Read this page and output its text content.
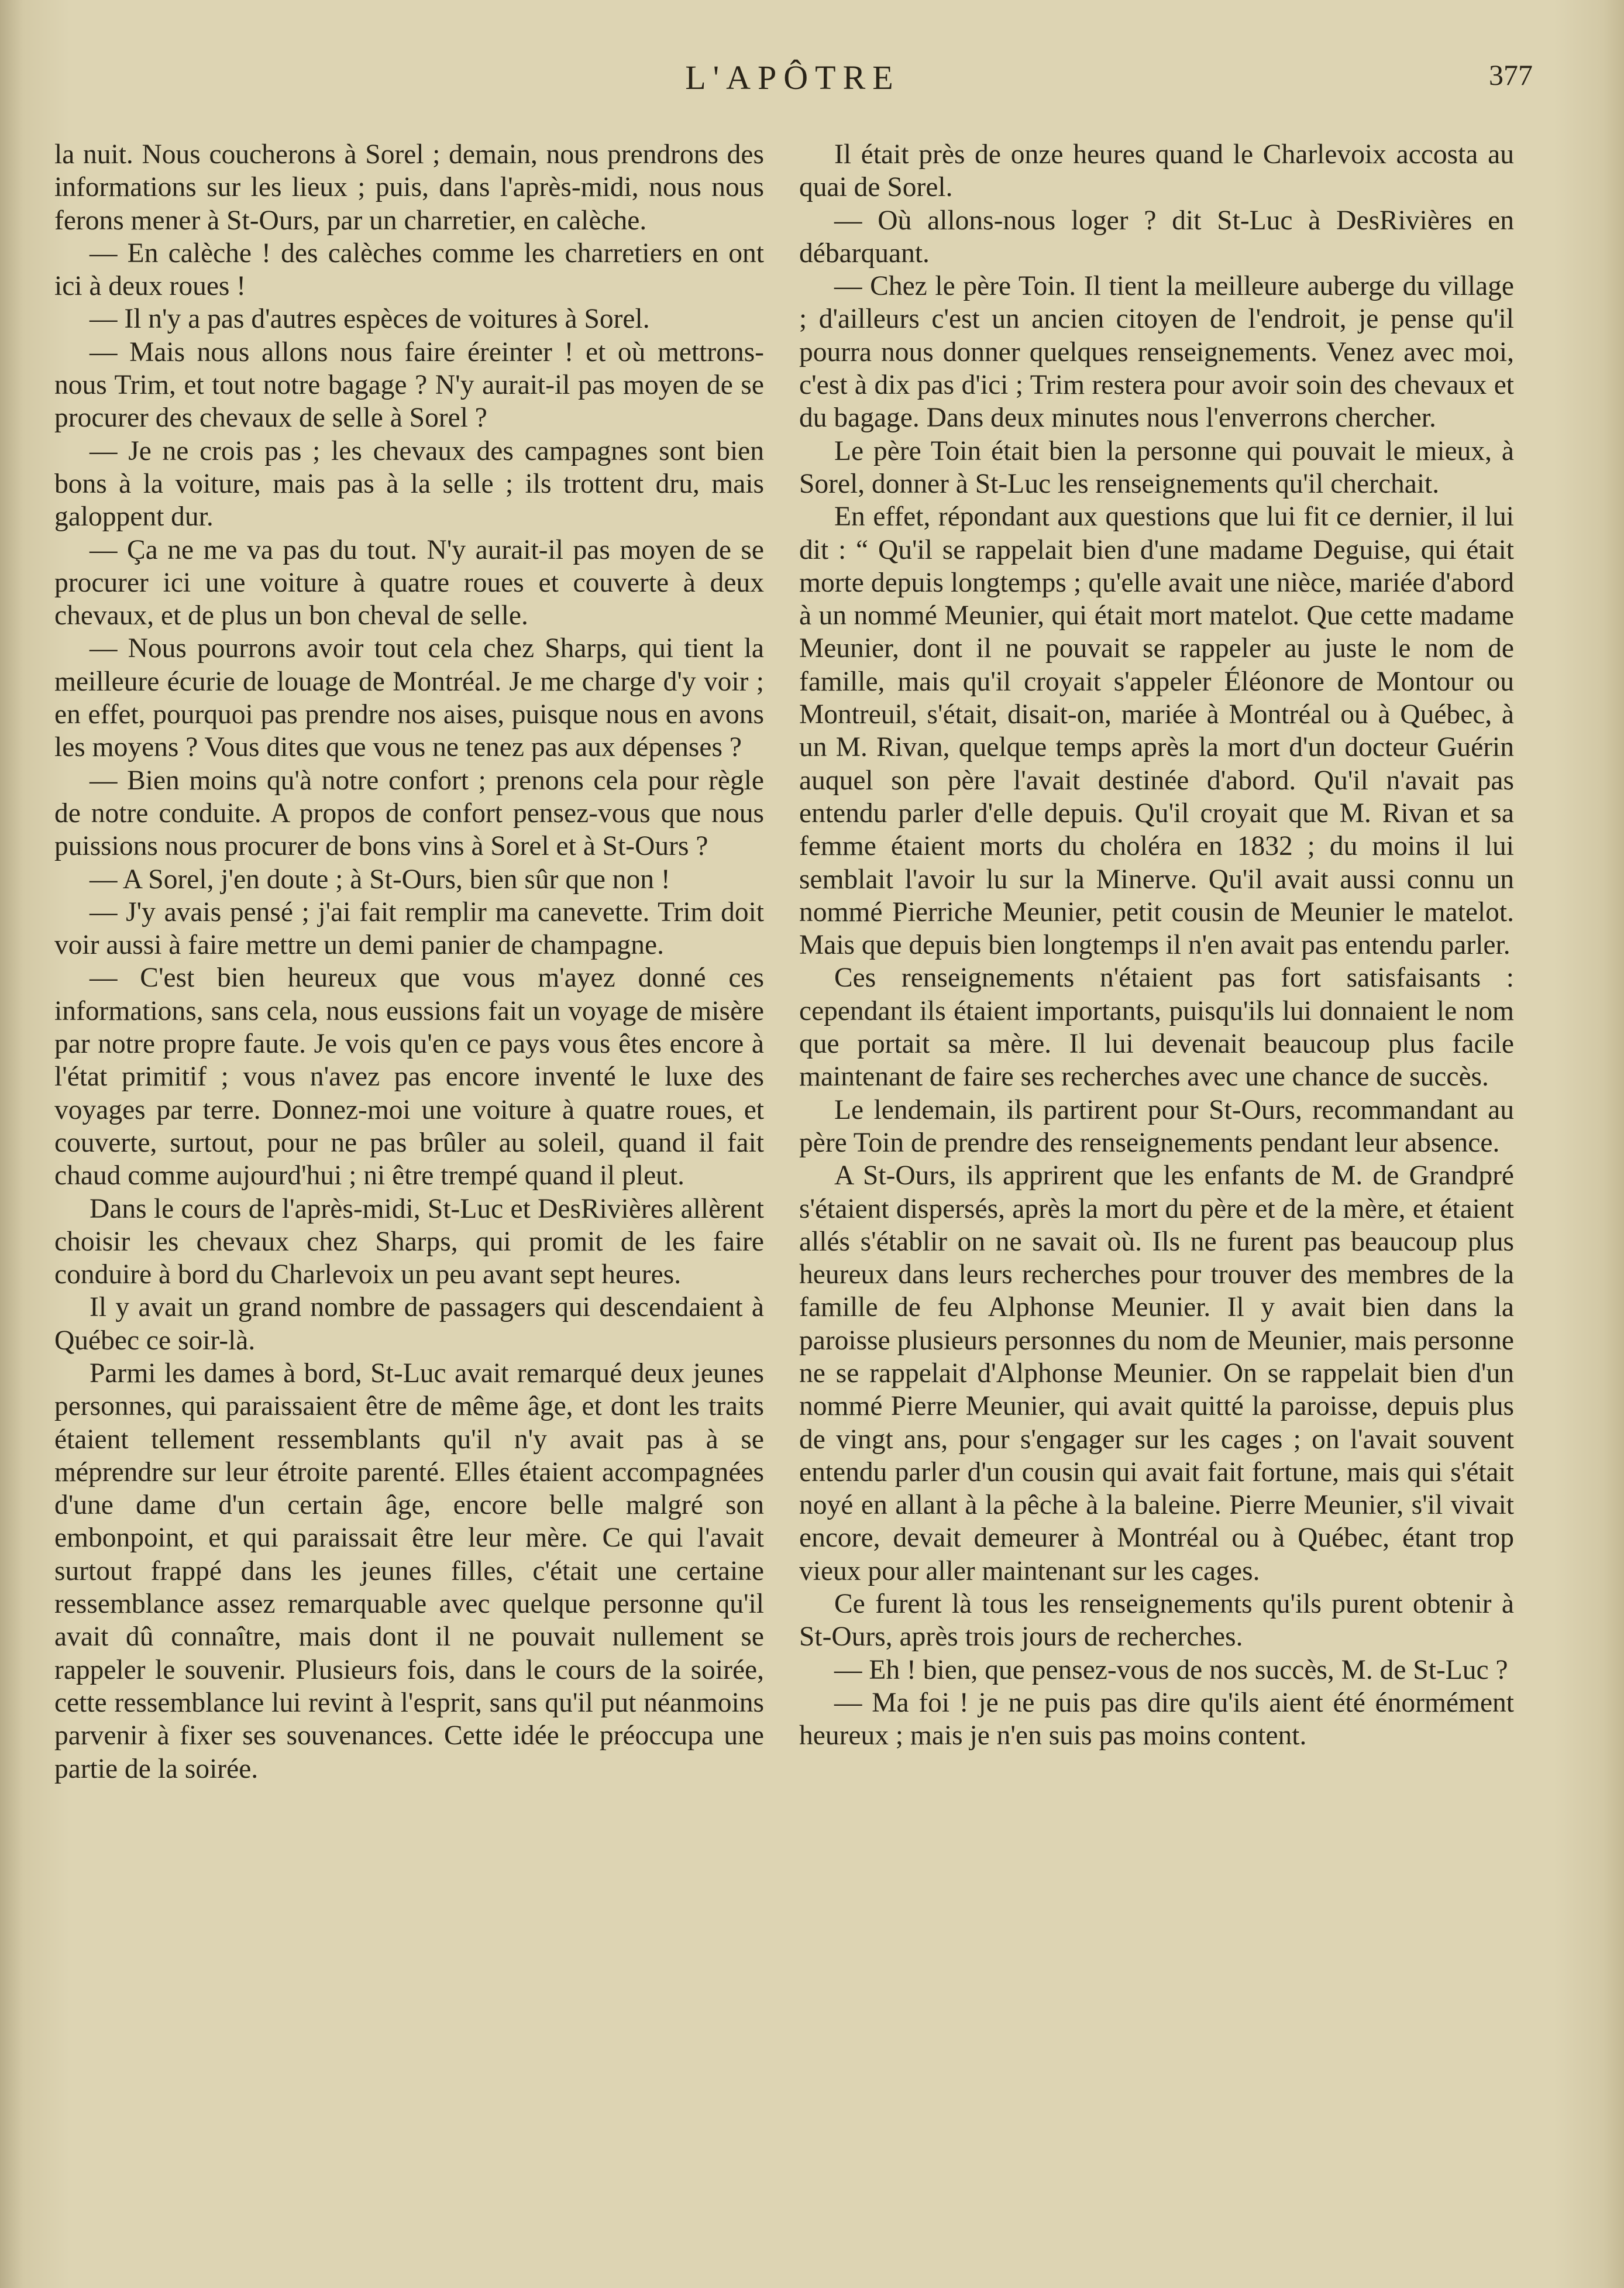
L'APÔTRE	377

la nuit. Nous coucherons à Sorel ; demain, nous prendrons des informations sur les lieux ; puis, dans l'après-midi, nous nous ferons mener à St-Ours, par un charretier, en calèche.

— En calèche ! des calèches comme les charretiers en ont ici à deux roues !

— Il n'y a pas d'autres espèces de voitures à Sorel.

— Mais nous allons nous faire éreinter ! et où mettrons-nous Trim, et tout notre bagage ? N'y aurait-il pas moyen de se procurer des chevaux de selle à Sorel ?

— Je ne crois pas ; les chevaux des campagnes sont bien bons à la voiture, mais pas à la selle ; ils trottent dru, mais galoppent dur.

— Ça ne me va pas du tout. N'y aurait-il pas moyen de se procurer ici une voiture à quatre roues et couverte à deux chevaux, et de plus un bon cheval de selle.

— Nous pourrons avoir tout cela chez Sharps, qui tient la meilleure écurie de louage de Montréal. Je me charge d'y voir ; en effet, pourquoi pas prendre nos aises, puisque nous en avons les moyens ? Vous dites que vous ne tenez pas aux dépenses ?

— Bien moins qu'à notre confort ; prenons cela pour règle de notre conduite. A propos de confort pensez-vous que nous puissions nous procurer de bons vins à Sorel et à St-Ours ?

— A Sorel, j'en doute ; à St-Ours, bien sûr que non !

— J'y avais pensé ; j'ai fait remplir ma canevette. Trim doit voir aussi à faire mettre un demi panier de champagne.

— C'est bien heureux que vous m'ayez donné ces informations, sans cela, nous eussions fait un voyage de misère par notre propre faute. Je vois qu'en ce pays vous êtes encore à l'état primitif ; vous n'avez pas encore inventé le luxe des voyages par terre. Donnez-moi une voiture à quatre roues, et couverte, surtout, pour ne pas brûler au soleil, quand il fait chaud comme aujourd'hui ; ni être trempé quand il pleut.

Dans le cours de l'après-midi, St-Luc et DesRivières allèrent choisir les chevaux chez Sharps, qui promit de les faire conduire à bord du Charlevoix un peu avant sept heures.

Il y avait un grand nombre de passagers qui descendaient à Québec ce soir-là.

Parmi les dames à bord, St-Luc avait remarqué deux jeunes personnes, qui paraissaient être de même âge, et dont les traits étaient tellement ressemblants qu'il n'y avait pas à se méprendre sur leur étroite parenté. Elles étaient accompagnées d'une dame d'un certain âge, encore belle malgré son embonpoint, et qui paraissait être leur mère. Ce qui l'avait surtout frappé dans les jeunes filles, c'était une certaine ressemblance assez remarquable avec quelque personne qu'il avait dû connaître, mais dont il ne pouvait nullement se rappeler le souvenir. Plusieurs fois, dans le cours de la soirée, cette ressemblance lui revint à l'esprit, sans qu'il put néanmoins parvenir à fixer ses souvenances. Cette idée le préoccupa une partie de la soirée.

Il était près de onze heures quand le Charlevoix accosta au quai de Sorel.

— Où allons-nous loger ? dit St-Luc à DesRivières en débarquant.

— Chez le père Toin. Il tient la meilleure auberge du village ; d'ailleurs c'est un ancien citoyen de l'endroit, je pense qu'il pourra nous donner quelques renseignements. Venez avec moi, c'est à dix pas d'ici ; Trim restera pour avoir soin des chevaux et du bagage. Dans deux minutes nous l'enverrons chercher.

Le père Toin était bien la personne qui pouvait le mieux, à Sorel, donner à St-Luc les renseignements qu'il cherchait.

En effet, répondant aux questions que lui fit ce dernier, il lui dit : “ Qu'il se rappelait bien d'une madame Deguise, qui était morte depuis longtemps ; qu'elle avait une nièce, mariée d'abord à un nommé Meunier, qui était mort matelot. Que cette madame Meunier, dont il ne pouvait se rappeler au juste le nom de famille, mais qu'il croyait s'appeler Éléonore de Montour ou Montreuil, s'était, disait-on, mariée à Montréal ou à Québec, à un M. Rivan, quelque temps après la mort d'un docteur Guérin auquel son père l'avait destinée d'abord. Qu'il n'avait pas entendu parler d'elle depuis. Qu'il croyait que M. Rivan et sa femme étaient morts du choléra en 1832 ; du moins il lui semblait l'avoir lu sur la Minerve. Qu'il avait aussi connu un nommé Pierriche Meunier, petit cousin de Meunier le matelot. Mais que depuis bien longtemps il n'en avait pas entendu parler.

Ces renseignements n'étaient pas fort satisfaisants : cependant ils étaient importants, puisqu'ils lui donnaient le nom que portait sa mère. Il lui devenait beaucoup plus facile maintenant de faire ses recherches avec une chance de succès.

Le lendemain, ils partirent pour St-Ours, recommandant au père Toin de prendre des renseignements pendant leur absence.

A St-Ours, ils apprirent que les enfants de M. de Grandpré s'étaient dispersés, après la mort du père et de la mère, et étaient allés s'établir on ne savait où. Ils ne furent pas beaucoup plus heureux dans leurs recherches pour trouver des membres de la famille de feu Alphonse Meunier. Il y avait bien dans la paroisse plusieurs personnes du nom de Meunier, mais personne ne se rappelait d'Alphonse Meunier. On se rappelait bien d'un nommé Pierre Meunier, qui avait quitté la paroisse, depuis plus de vingt ans, pour s'engager sur les cages ; on l'avait souvent entendu parler d'un cousin qui avait fait fortune, mais qui s'était noyé en allant à la pêche à la baleine. Pierre Meunier, s'il vivait encore, devait demeurer à Montréal ou à Québec, étant trop vieux pour aller maintenant sur les cages.

Ce furent là tous les renseignements qu'ils purent obtenir à St-Ours, après trois jours de recherches.

— Eh ! bien, que pensez-vous de nos succès, M. de St-Luc ?

— Ma foi ! je ne puis pas dire qu'ils aient été énormément heureux ; mais je n'en suis pas moins content.
